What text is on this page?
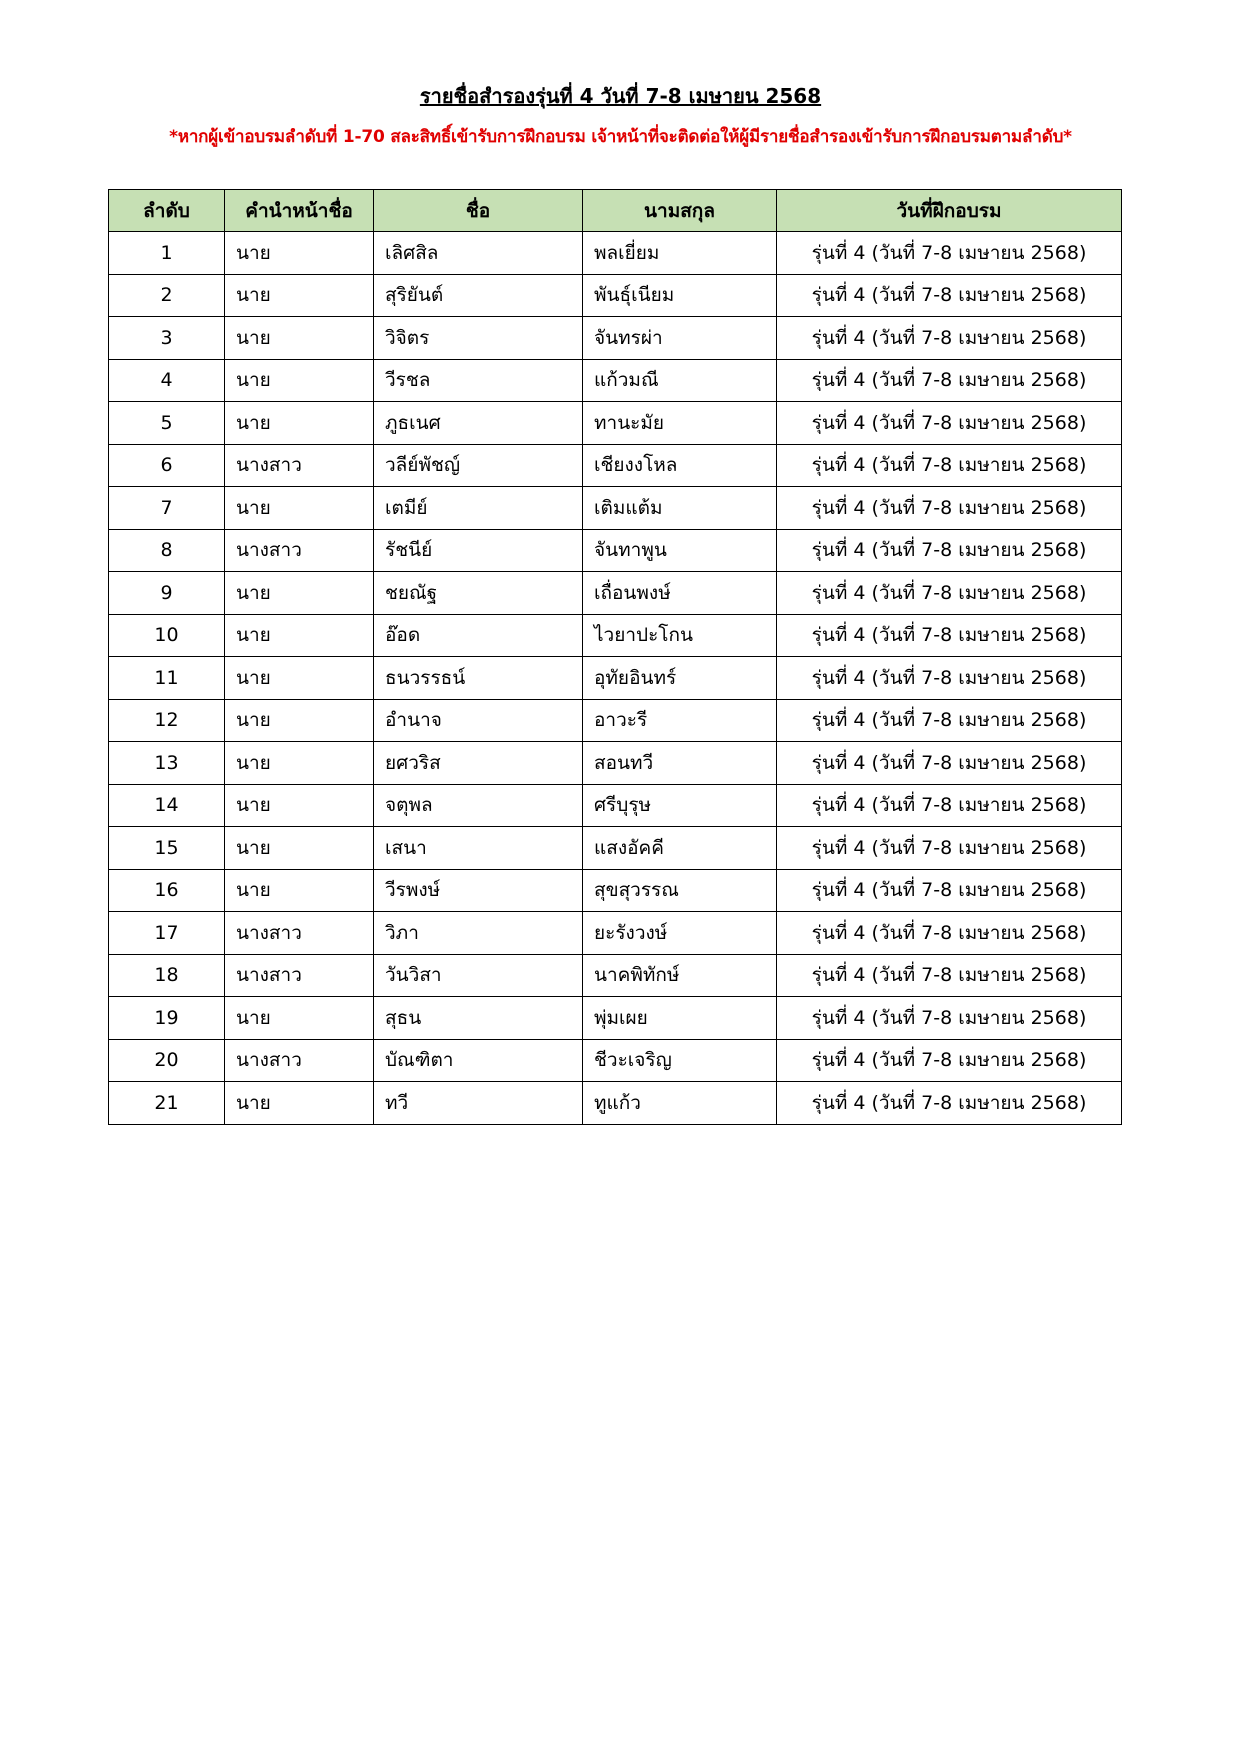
รายชื่อสำรองรุ่นที่ 4 วันที่ 7-8 เมษายน 2568
*หากผู้เข้าอบรมลำดับที่ 1-70 สละสิทธิ์เข้ารับการฝึกอบรม เจ้าหน้าที่จะติดต่อให้ผู้มีรายชื่อสำรองเข้ารับการฝึกอบรมตามลำดับ*
ลำดับ	คำนำหน้าชื่อ	ชื่อ	นามสกุล	วันที่ฝึกอบรม
1	นาย	เลิศสิล	พลเยี่ยม	รุ่นที่ 4 (วันที่ 7-8 เมษายน 2568)
2	นาย	สุริยันต์	พันธุ์เนียม	รุ่นที่ 4 (วันที่ 7-8 เมษายน 2568)
3	นาย	วิจิตร	จันทรผ่า	รุ่นที่ 4 (วันที่ 7-8 เมษายน 2568)
4	นาย	วีรชล	แก้วมณี	รุ่นที่ 4 (วันที่ 7-8 เมษายน 2568)
5	นาย	ภูธเนศ	ทานะมัย	รุ่นที่ 4 (วันที่ 7-8 เมษายน 2568)
6	นางสาว	วลีย์พัชญ์	เชียงงโหล	รุ่นที่ 4 (วันที่ 7-8 เมษายน 2568)
7	นาย	เตมีย์	เติมแต้ม	รุ่นที่ 4 (วันที่ 7-8 เมษายน 2568)
8	นางสาว	รัชนีย์	จันทาพูน	รุ่นที่ 4 (วันที่ 7-8 เมษายน 2568)
9	นาย	ชยณัฐ	เถื่อนพงษ์	รุ่นที่ 4 (วันที่ 7-8 เมษายน 2568)
10	นาย	อ๊อด	ไวยาปะโกน	รุ่นที่ 4 (วันที่ 7-8 เมษายน 2568)
11	นาย	ธนวรรธน์	อุทัยอินทร์	รุ่นที่ 4 (วันที่ 7-8 เมษายน 2568)
12	นาย	อำนาจ	อาวะรี	รุ่นที่ 4 (วันที่ 7-8 เมษายน 2568)
13	นาย	ยศวริส	สอนทวี	รุ่นที่ 4 (วันที่ 7-8 เมษายน 2568)
14	นาย	จตุพล	ศรีบุรุษ	รุ่นที่ 4 (วันที่ 7-8 เมษายน 2568)
15	นาย	เสนา	แสงอัคคี	รุ่นที่ 4 (วันที่ 7-8 เมษายน 2568)
16	นาย	วีรพงษ์	สุขสุวรรณ	รุ่นที่ 4 (วันที่ 7-8 เมษายน 2568)
17	นางสาว	วิภา	ยะรังวงษ์	รุ่นที่ 4 (วันที่ 7-8 เมษายน 2568)
18	นางสาว	วันวิสา	นาคพิทักษ์	รุ่นที่ 4 (วันที่ 7-8 เมษายน 2568)
19	นาย	สุธน	พุ่มเผย	รุ่นที่ 4 (วันที่ 7-8 เมษายน 2568)
20	นางสาว	บัณฑิตา	ชีวะเจริญ	รุ่นที่ 4 (วันที่ 7-8 เมษายน 2568)
21	นาย	ทวี	ทูแก้ว	รุ่นที่ 4 (วันที่ 7-8 เมษายน 2568)
